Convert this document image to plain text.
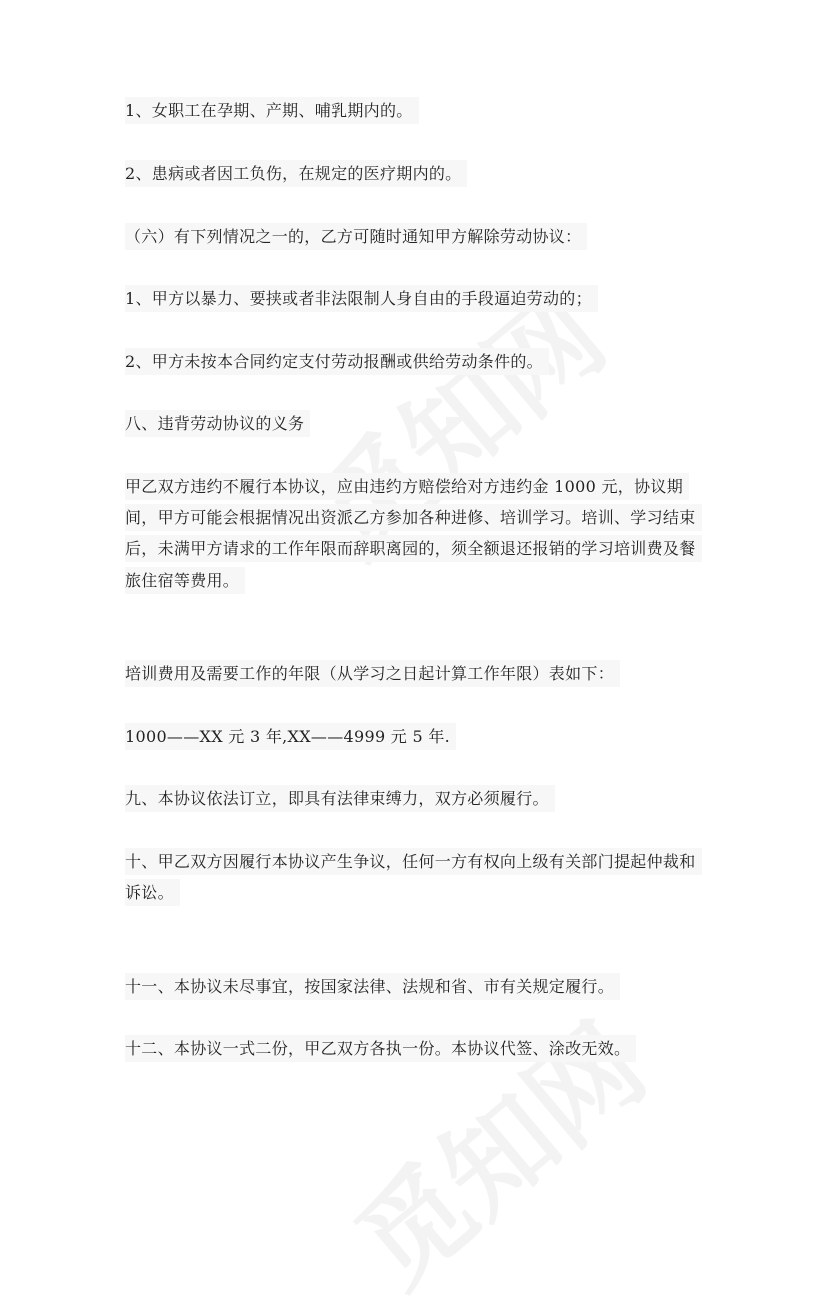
1、女职工在孕期、产期、哺乳期内的。

2、患病或者因工负伤，在规定的医疗期内的。

（六）有下列情况之一的，乙方可随时通知甲方解除劳动协议：

1、甲方以暴力、要挟或者非法限制人身自由的手段逼迫劳动的；

2、甲方未按本合同约定支付劳动报酬或供给劳动条件的。

八、违背劳动协议的义务

甲乙双方违约不履行本协议，应由违约方赔偿给对方违约金 1000 元，协议期间，甲方可能会根据情况出资派乙方参加各种进修、培训学习。培训、学习结束后，未满甲方请求的工作年限而辞职离园的，须全额退还报销的学习培训费及餐旅住宿等费用。

培训费用及需要工作的年限（从学习之日起计算工作年限）表如下：

1000——XX 元 3 年,XX——4999 元 5 年.

九、本协议依法订立，即具有法律束缚力，双方必须履行。

十、甲乙双方因履行本协议产生争议，任何一方有权向上级有关部门提起仲裁和诉讼。

十一、本协议未尽事宜，按国家法律、法规和省、市有关规定履行。

十二、本协议一式二份，甲乙双方各执一份。本协议代签、涂改无效。
